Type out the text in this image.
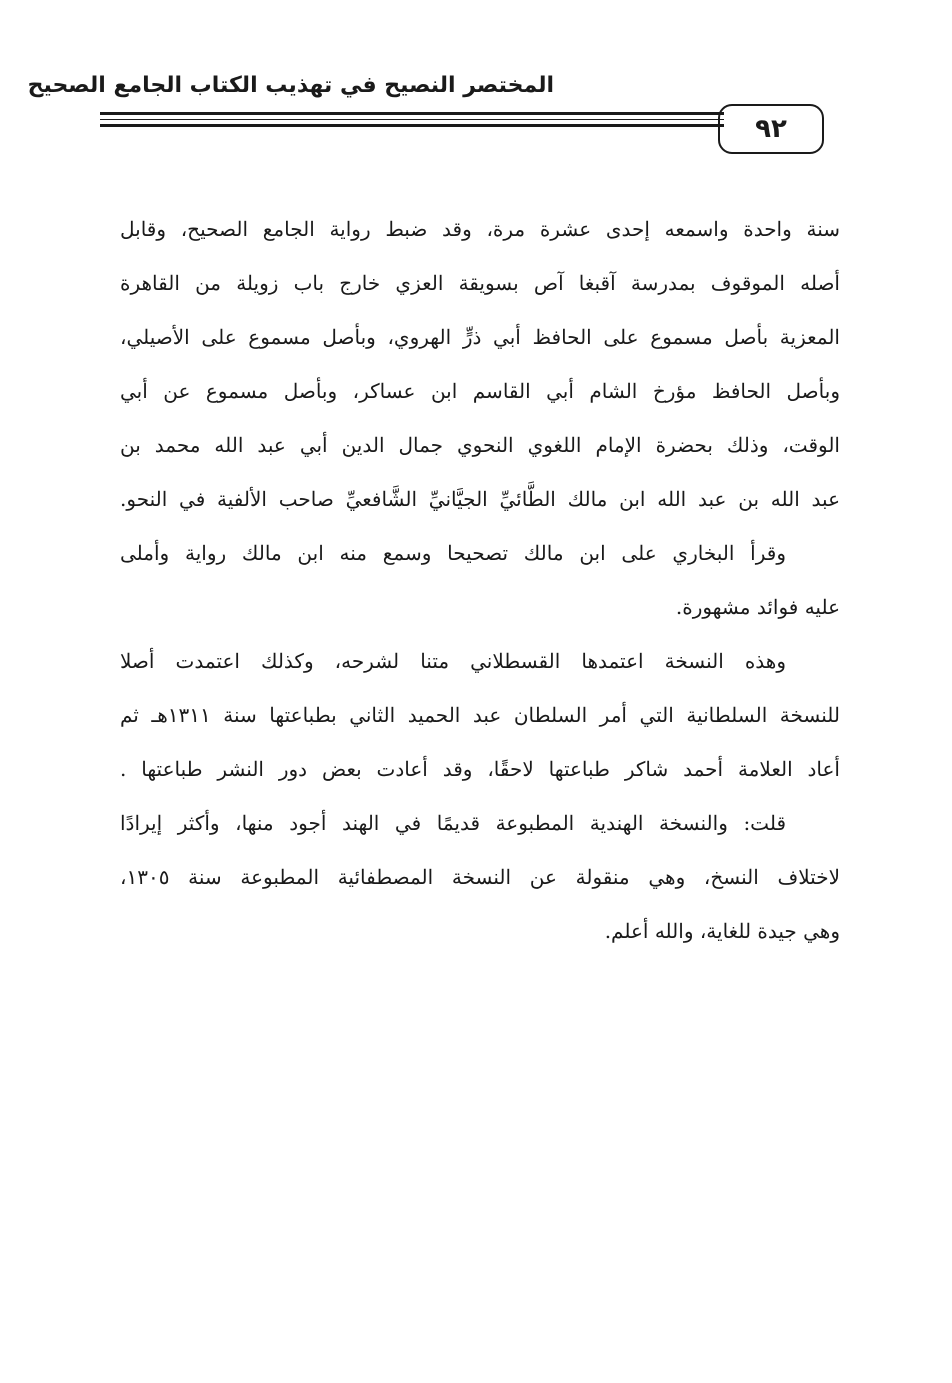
المختصر النصيح في تهذيب الكتاب الجامع الصحيح
٩٢
سنة واحدة واسمعه إحدى عشرة مرة، وقد ضبط رواية الجامع الصحيح، وقابل
أصله الموقوف بمدرسة آقبغا آص بسويقة العزي خارج باب زويلة من القاهرة
المعزية بأصل مسموع على الحافظ أبي ذرٍّ الهروي، وبأصل مسموع على الأصيلي،
وبأصل الحافظ مؤرخ الشام أبي القاسم ابن عساكر، وبأصل مسموع عن أبي
الوقت، وذلك بحضرة الإمام اللغوي النحوي جمال الدين أبي عبد الله محمد بن
عبد الله بن عبد الله ابن مالك الطَّائيِّ الجيَّانيِّ الشَّافعيِّ صاحب الألفية في النحو.
وقرأ البخاري على ابن مالك تصحيحا وسمع منه ابن مالك رواية وأملى
عليه فوائد مشهورة.
وهذه النسخة اعتمدها القسطلاني متنا لشرحه، وكذلك اعتمدت أصلا
للنسخة السلطانية التي أمر السلطان عبد الحميد الثاني بطباعتها سنة ١٣١١هـ ثم
أعاد العلامة أحمد شاكر طباعتها لاحقًا، وقد أعادت بعض دور النشر طباعتها .
قلت: والنسخة الهندية المطبوعة قديمًا في الهند أجود منها، وأكثر إيرادًا
لاختلاف النسخ، وهي منقولة عن النسخة المصطفائية المطبوعة سنة ١٣٠٥،
وهي جيدة للغاية، والله أعلم.
